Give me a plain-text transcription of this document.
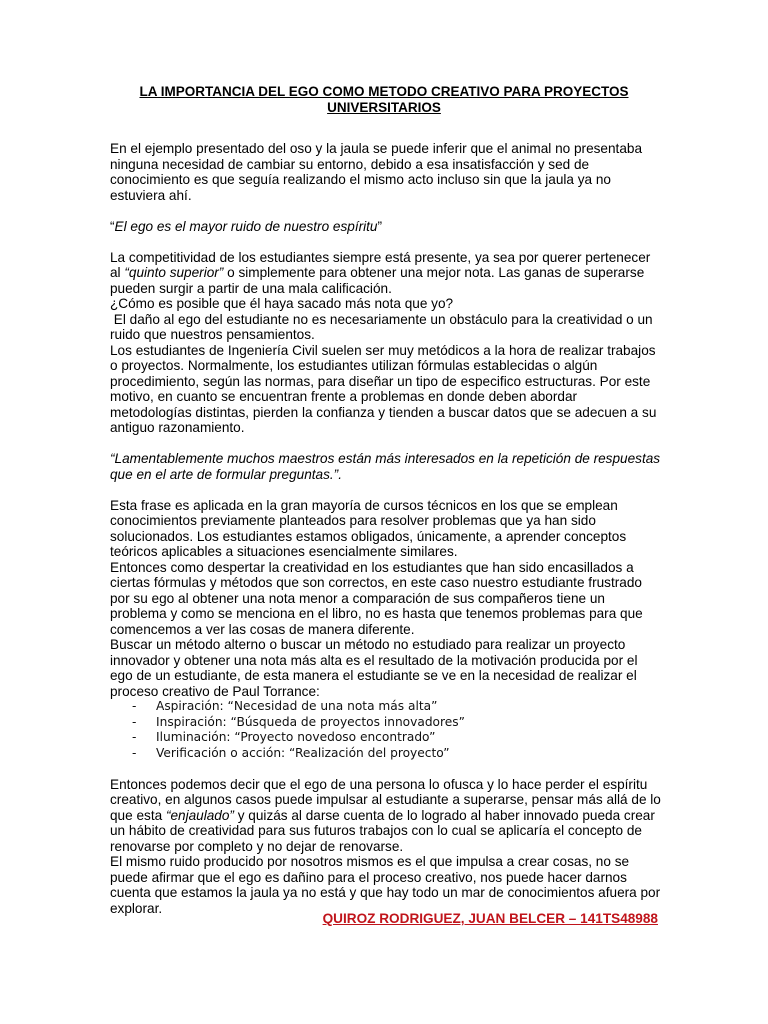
LA IMPORTANCIA DEL EGO COMO METODO CREATIVO PARA PROYECTOS
UNIVERSITARIOS

En el ejemplo presentado del oso y la jaula se puede inferir que el animal no presentaba ninguna necesidad de cambiar su entorno, debido a esa insatisfacción y sed de conocimiento es que seguía realizando el mismo acto incluso sin que la jaula ya no estuviera ahí.

“El ego es el mayor ruido de nuestro espíritu”

La competitividad de los estudiantes siempre está presente, ya sea por querer pertenecer al “quinto superior” o simplemente para obtener una mejor nota. Las ganas de superarse pueden surgir a partir de una mala calificación.

¿Cómo es posible que él haya sacado más nota que yo?

El daño al ego del estudiante no es necesariamente un obstáculo para la creatividad o un ruido que nuestros pensamientos.

Los estudiantes de Ingeniería Civil suelen ser muy metódicos a la hora de realizar trabajos o proyectos. Normalmente, los estudiantes utilizan fórmulas establecidas o algún procedimiento, según las normas, para diseñar un tipo de especifico estructuras. Por este motivo, en cuanto se encuentran frente a problemas en donde deben abordar metodologías distintas, pierden la confianza y tienden a buscar datos que se adecuen a su antiguo razonamiento.

“Lamentablemente muchos maestros están más interesados en la repetición de respuestas que en el arte de formular preguntas.”.

Esta frase es aplicada en la gran mayoría de cursos técnicos en los que se emplean conocimientos previamente planteados para resolver problemas que ya han sido solucionados. Los estudiantes estamos obligados, únicamente, a aprender conceptos teóricos aplicables a situaciones esencialmente similares.

Entonces como despertar la creatividad en los estudiantes que han sido encasillados a ciertas fórmulas y métodos que son correctos, en este caso nuestro estudiante frustrado por su ego al obtener una nota menor a comparación de sus compañeros tiene un problema y como se menciona en el libro, no es hasta que tenemos problemas para que comencemos a ver las cosas de manera diferente.

Buscar un método alterno o buscar un método no estudiado para realizar un proyecto innovador y obtener una nota más alta es el resultado de la motivación producida por el ego de un estudiante, de esta manera el estudiante se ve en la necesidad de realizar el proceso creativo de Paul Torrance:

- Aspiración: “Necesidad de una nota más alta”
- Inspiración: “Búsqueda de proyectos innovadores”
- Iluminación: “Proyecto novedoso encontrado”
- Verificación o acción: “Realización del proyecto”

Entonces podemos decir que el ego de una persona lo ofusca y lo hace perder el espíritu creativo, en algunos casos puede impulsar al estudiante a superarse, pensar más allá de lo que esta “enjaulado” y quizás al darse cuenta de lo logrado al haber innovado pueda crear un hábito de creatividad para sus futuros trabajos con lo cual se aplicaría el concepto de renovarse por completo y no dejar de renovarse.

El mismo ruido producido por nosotros mismos es el que impulsa a crear cosas, no se puede afirmar que el ego es dañino para el proceso creativo, nos puede hacer darnos cuenta que estamos la jaula ya no está y que hay todo un mar de conocimientos afuera por explorar.

QUIROZ RODRIGUEZ, JUAN BELCER – 141TS48988
